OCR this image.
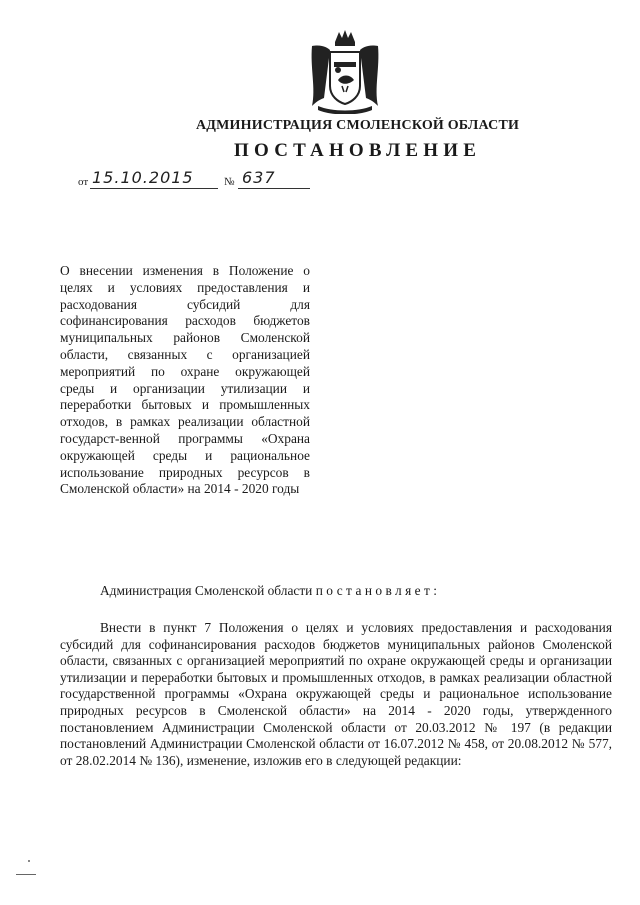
АДМИНИСТРАЦИЯ СМОЛЕНСКОЙ ОБЛАСТИ
ПОСТАНОВЛЕНИЕ
от 15.10.2015	№ 637
О внесении изменения в Положение о целях и условиях предоставления и расходования субсидий для софинансирования расходов бюджетов муниципальных районов Смоленской области, связанных с организацией мероприятий по охране окружающей среды и организации утилизации и переработки бытовых и промышленных отходов, в рамках реализации областной государст-венной программы «Охрана окружающей среды и рациональное использование природных ресурсов в Смоленской области» на 2014 - 2020 годы
Администрация Смоленской области постановляет:
Внести в пункт 7 Положения о целях и условиях предоставления и расходования субсидий для софинансирования расходов бюджетов муниципальных районов Смоленской области, связанных с организацией мероприятий по охране окружающей среды и организации утилизации и переработки бытовых и промышленных отходов, в рамках реализации областной государственной программы «Охрана окружающей среды и рациональное использование природных ресурсов в Смоленской области» на 2014 - 2020 годы, утвержденного постановлением Администрации Смоленской области от 20.03.2012 № 197 (в редакции постановлений Администрации Смоленской области от 16.07.2012 № 458, от 20.08.2012 № 577, от 28.02.2014 № 136), изменение, изложив его в следующей редакции:
